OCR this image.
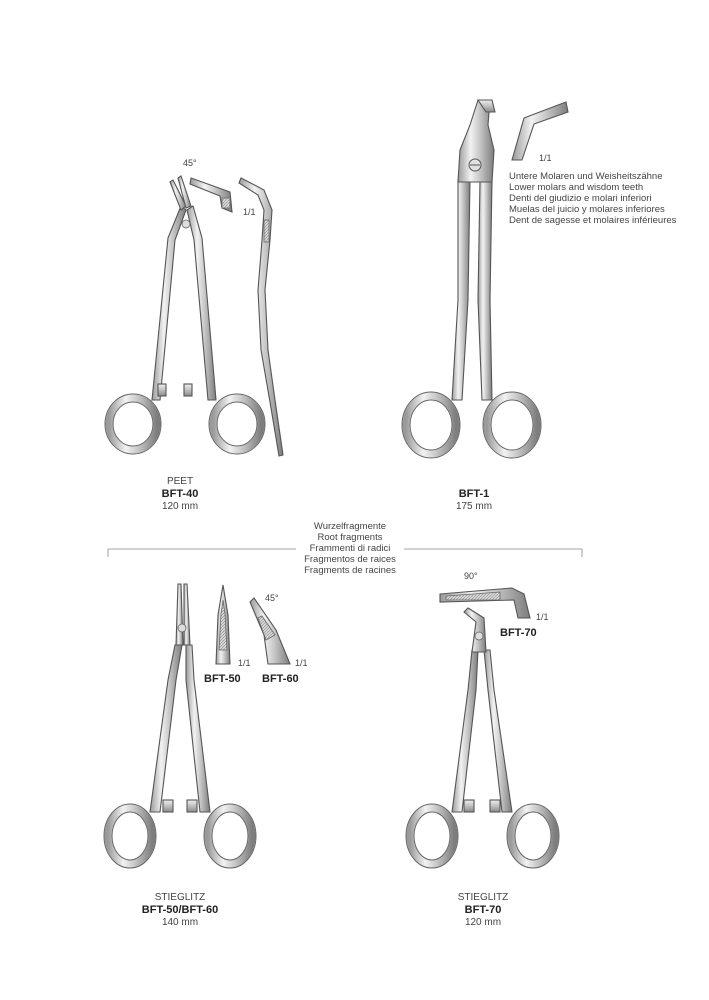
45°
1/1
PEET
BFT-40
120 mm
1/1
Untere Molaren und Weisheitszähne
Lower molars and wisdom teeth
Denti del giudizio e molari inferiori
Muelas del juicio y molares inferiores
Dent de sagesse et molaires inférieures
BFT-1
175 mm
Wurzelfragmente
Root fragments
Frammenti di radici
Fragmentos de raices
Fragments de racines
45°
1/1	1/1
BFT-50 BFT-60
STIEGLITZ
BFT-50/BFT-60
140 mm
90°
1/1
BFT-70
STIEGLITZ
BFT-70
120 mm
